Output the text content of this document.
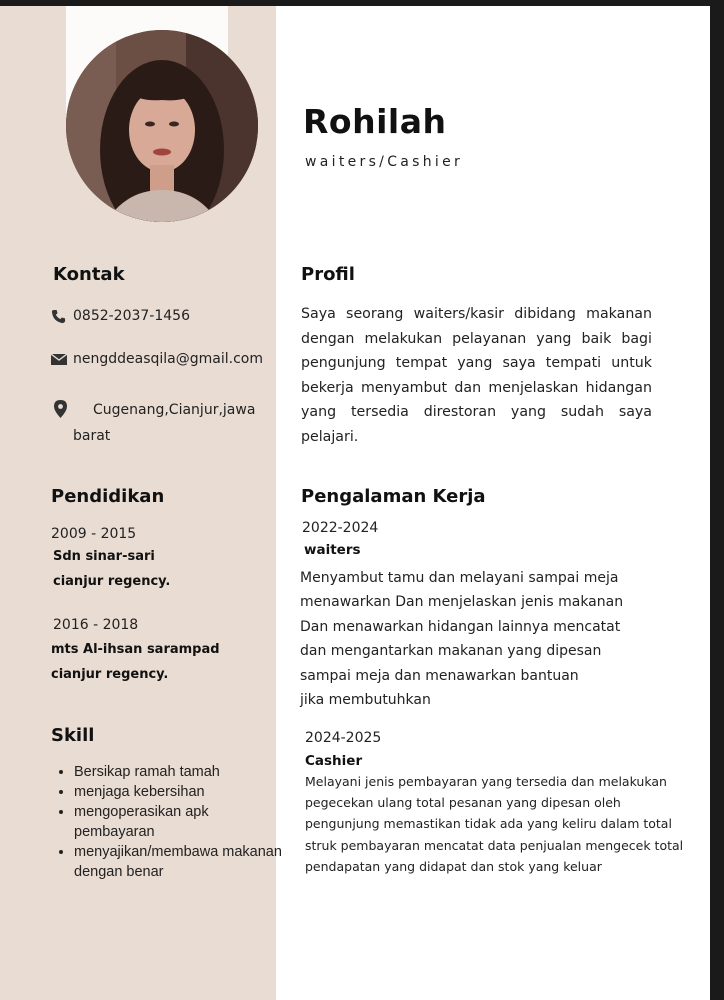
Rohilah
waiters/Cashier
Kontak
0852-2037-1456
nengddeasqila@gmail.com
Cugenang,Cianjur,jawa
barat
Pendidikan
2009 - 2015
Sdn sinar-sari
cianjur regency.
2016 - 2018
mts Al-ihsan sarampad
cianjur regency.
Skill
• Bersikap ramah tamah
• menjaga kebersihan
• mengoperasikan apk pembayaran
• menyajikan/membawa makanan dengan benar
Profil

Saya seorang waiters/kasir dibidang makanan dengan melakukan pelayanan yang baik bagi pengunjung tempat yang saya tempati untuk bekerja menyambut dan menjelaskan hidangan yang tersedia direstoran yang sudah saya pelajari.

Pengalaman Kerja
2022-2024
waiters
Menyambut tamu dan melayani sampai meja
menawarkan Dan menjelaskan jenis makanan
Dan menawarkan hidangan lainnya mencatat
dan mengantarkan makanan yang dipesan
sampai meja dan menawarkan bantuan
jika membutuhkan
2024-2025
Cashier
Melayani jenis pembayaran yang tersedia dan melakukan
pegecekan ulang total pesanan yang dipesan oleh
pengunjung memastikan tidak ada yang keliru dalam total
struk pembayaran mencatat data penjualan mengecek total
pendapatan yang didapat dan stok yang keluar
